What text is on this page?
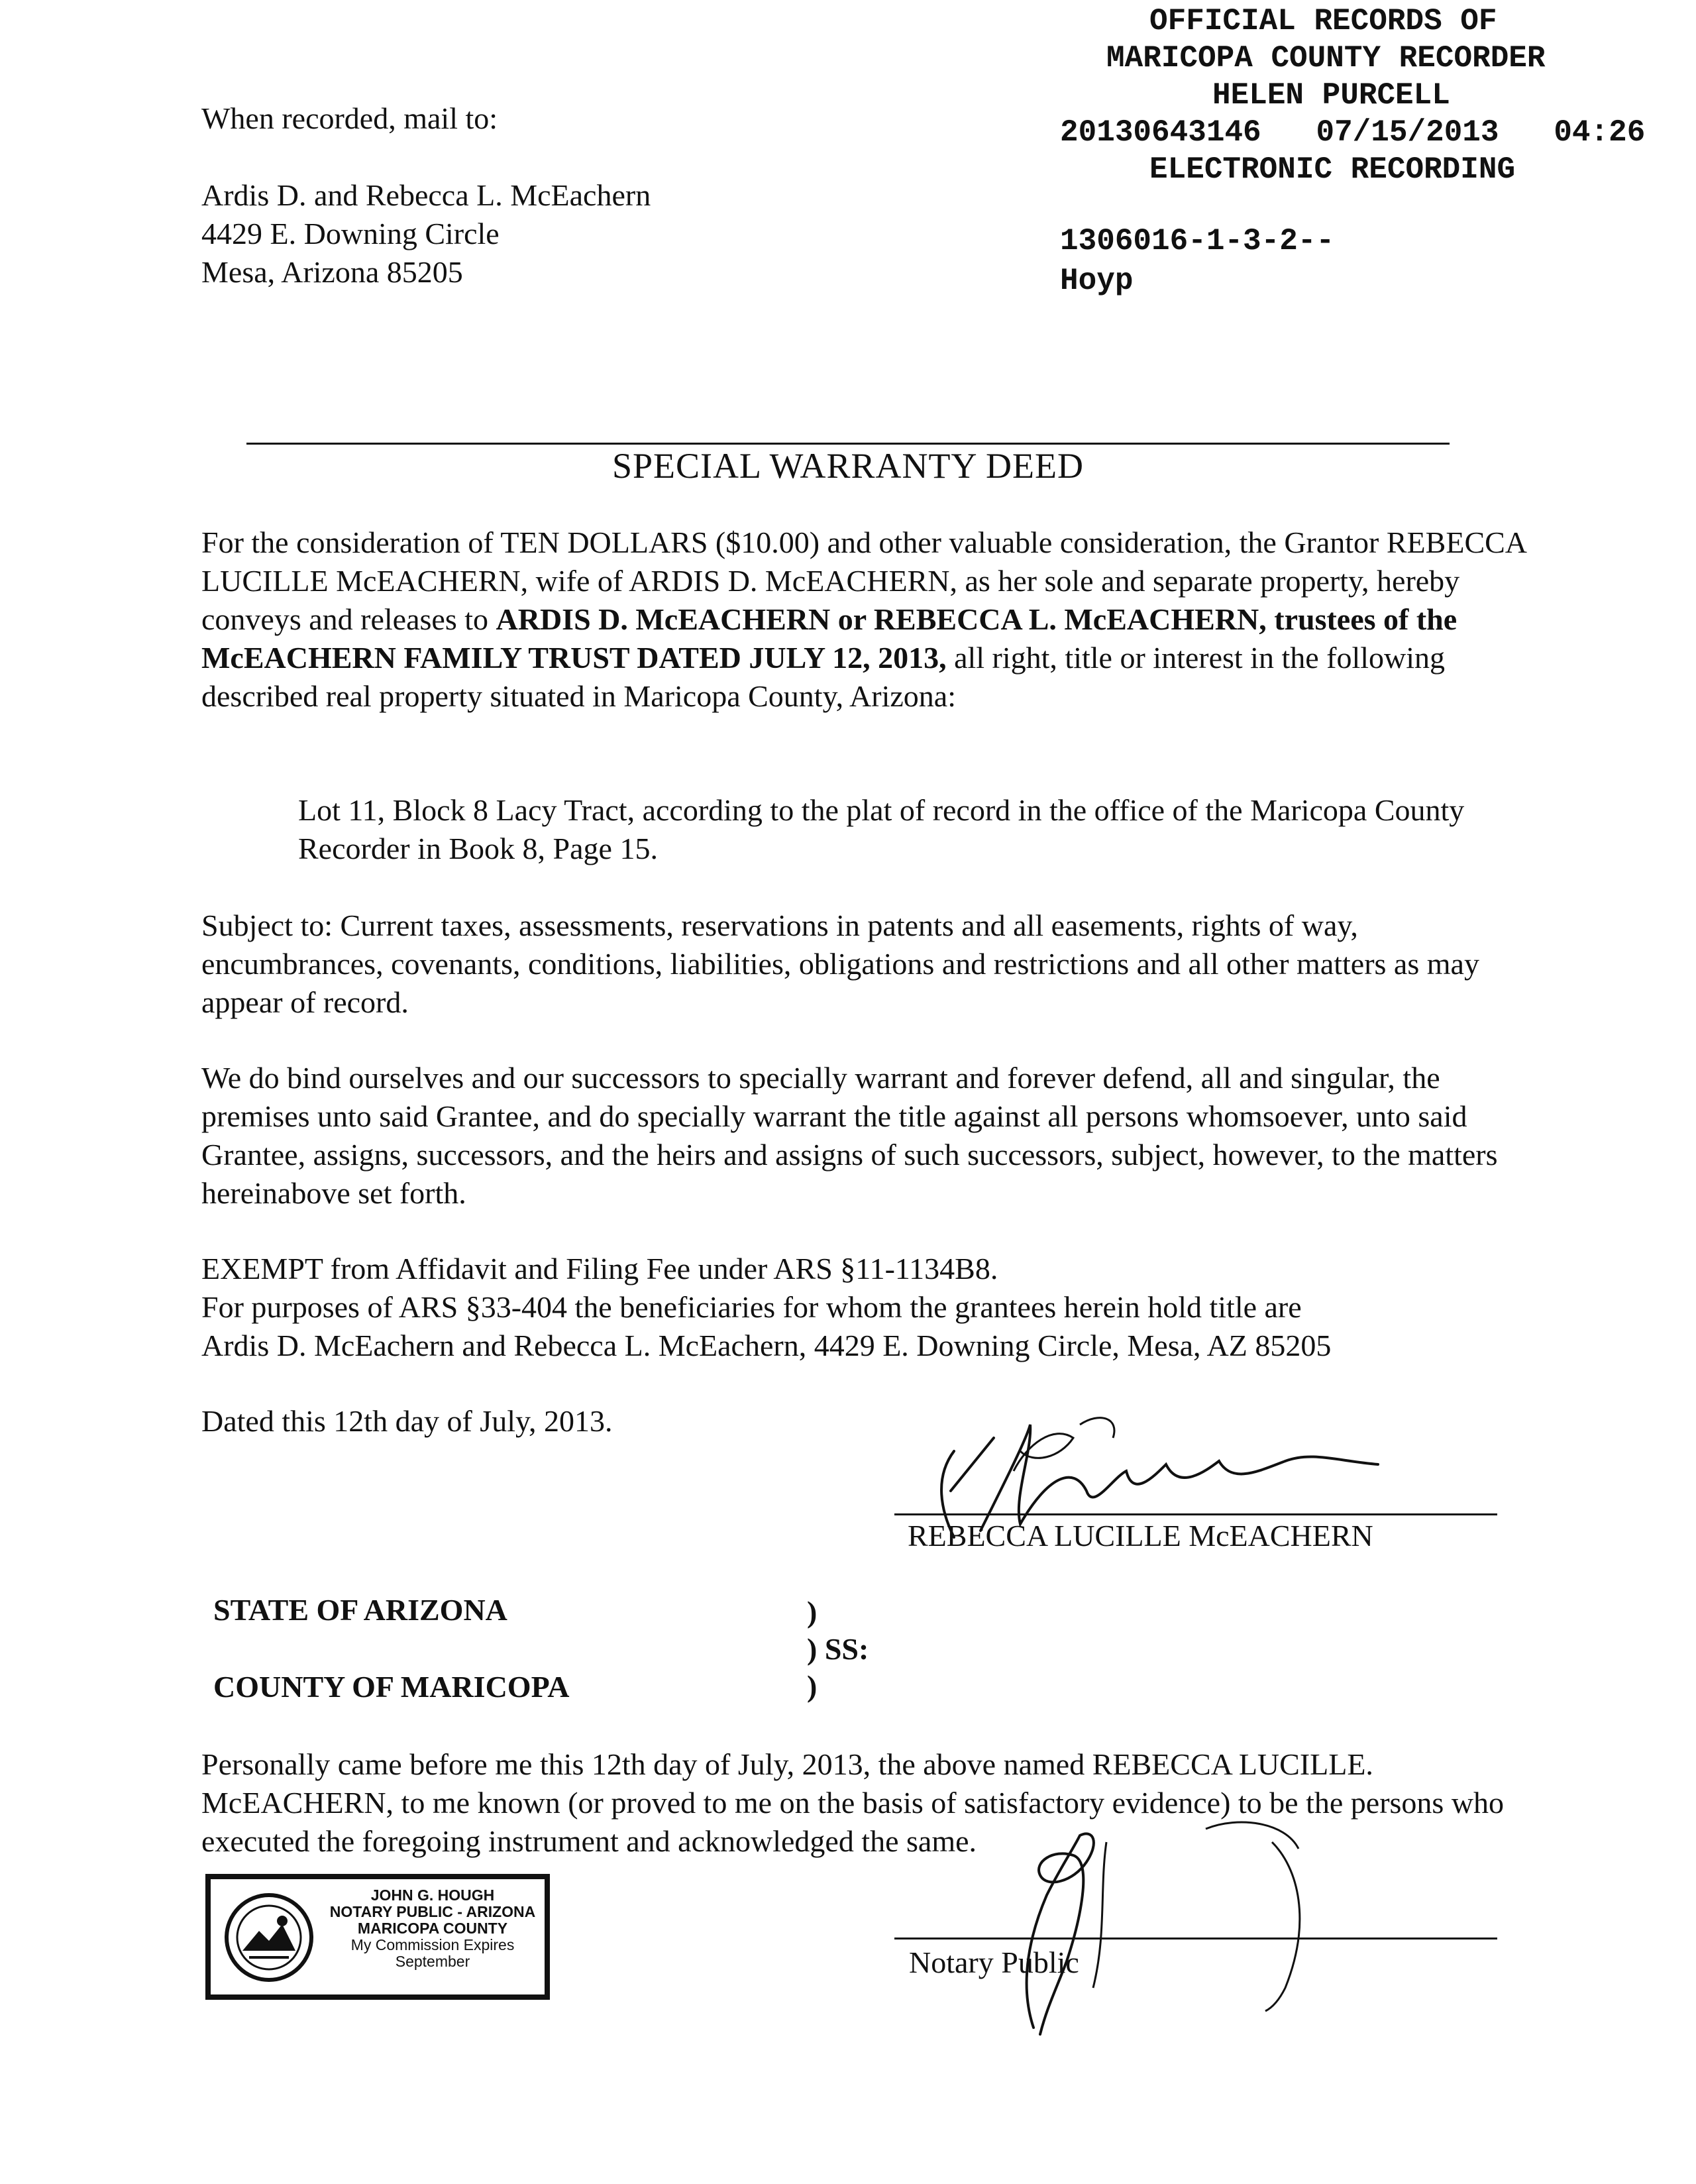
OFFICIAL RECORDS OF
MARICOPA COUNTY RECORDER
HELEN PURCELL
20130643146   07/15/2013   04:26
ELECTRONIC RECORDING
1306016-1-3-2--
Hoyp
When recorded, mail to:
Ardis D. and Rebecca L. McEachern
4429 E. Downing Circle
Mesa, Arizona 85205
SPECIAL WARRANTY DEED
For the consideration of TEN DOLLARS ($10.00) and other valuable consideration, the Grantor REBECCA LUCILLE McEACHERN, wife of ARDIS D. McEACHERN, as her sole and separate property, hereby conveys and releases to ARDIS D. McEACHERN or REBECCA L. McEACHERN, trustees of the McEACHERN FAMILY TRUST DATED JULY 12, 2013, all right, title or interest in the following described real property situated in Maricopa County, Arizona:
Lot 11, Block 8 Lacy Tract, according to the plat of record in the office of the Maricopa County Recorder in Book 8, Page 15.
Subject to: Current taxes, assessments, reservations in patents and all easements, rights of way, encumbrances, covenants, conditions, liabilities, obligations and restrictions and all other matters as may appear of record.
We do bind ourselves and our successors to specially warrant and forever defend, all and singular, the premises unto said Grantee, and do specially warrant the title against all persons whomsoever, unto said Grantee, assigns, successors, and the heirs and assigns of such successors, subject, however, to the matters hereinabove set forth.
EXEMPT from Affidavit and Filing Fee under ARS §11-1134B8.
For purposes of ARS §33-404 the beneficiaries for whom the grantees herein hold title are
Ardis D. McEachern and Rebecca L. McEachern, 4429 E. Downing Circle, Mesa, AZ 85205
Dated this 12th day of July, 2013.
REBECCA LUCILLE McEACHERN
STATE OF ARIZONA
COUNTY OF MARICOPA
)
) SS:
)
Personally came before me this 12th day of July, 2013, the above named REBECCA LUCILLE. McEACHERN, to me known (or proved to me on the basis of satisfactory evidence) to be the persons who executed the foregoing instrument and acknowledged the same.
Notary Public
JOHN G. HOUGH
NOTARY PUBLIC - ARIZONA
MARICOPA COUNTY
My Commission Expires
September
